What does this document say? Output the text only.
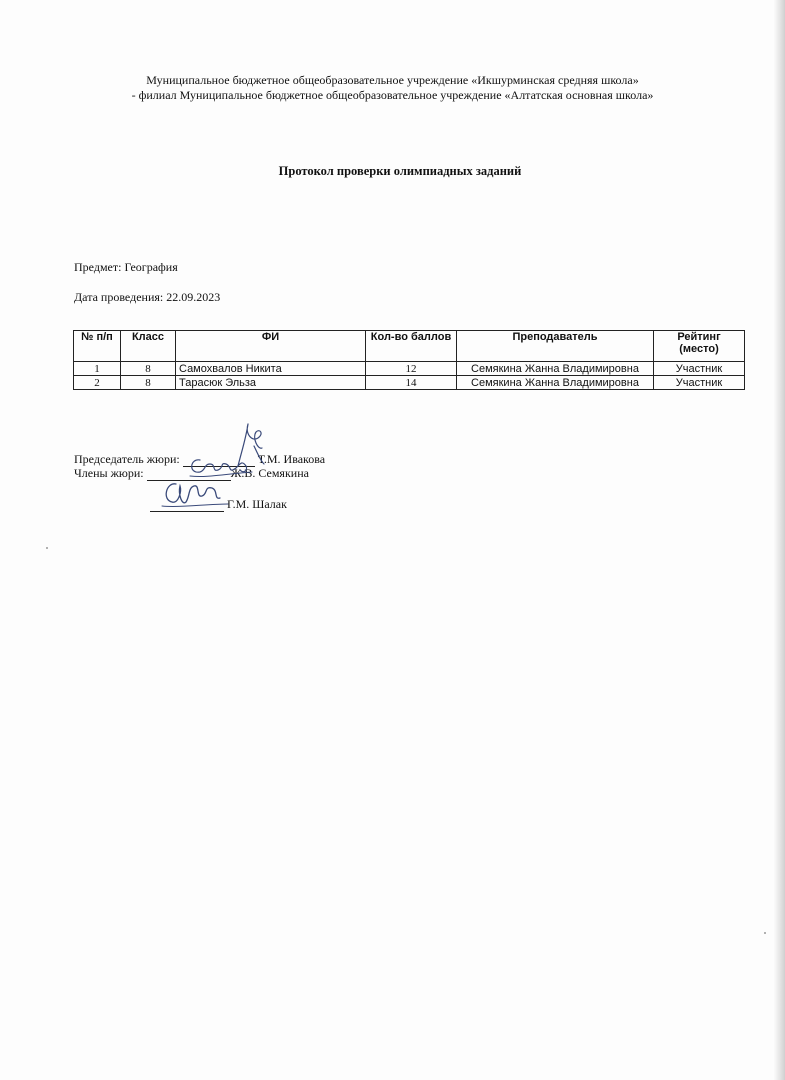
Муниципальное бюджетное общеобразовательное учреждение «Икшурминская средняя школа»
- филиал Муниципальное бюджетное общеобразовательное учреждение «Алтатская основная школа»
Протокол проверки олимпиадных заданий
Предмет: География
Дата проведения: 22.09.2023
№ п/п	Класс	ФИ	Кол-во баллов	Преподаватель	Рейтинг (место)
1	8	Самохвалов Никита	12	Семякина Жанна Владимировна	Участник
2	8	Тарасюк Эльза	14	Семякина Жанна Владимировна	Участник
Председатель жюри:	Т.М. Ивакова
Члены жюри:	Ж.В. Семякина
Г.М. Шалак
